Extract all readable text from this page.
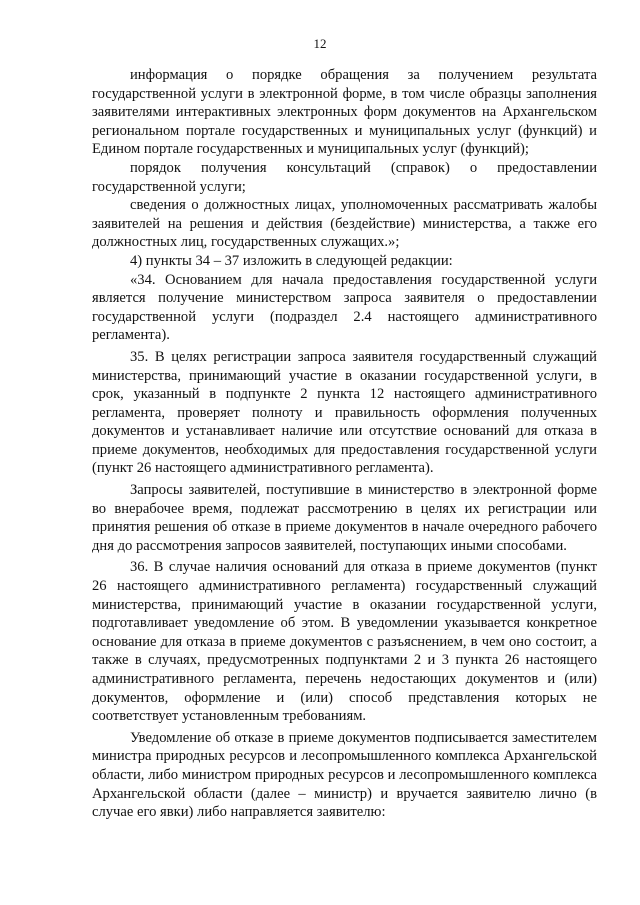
12

информация о порядке обращения за получением результата государственной услуги в электронной форме, в том числе образцы заполнения заявителями интерактивных электронных форм документов на Архангельском региональном портале государственных и муниципальных услуг (функций) и Едином портале государственных и муниципальных услуг (функций);

порядок получения консультаций (справок) о предоставлении государственной услуги;

сведения о должностных лицах, уполномоченных рассматривать жалобы заявителей на решения и действия (бездействие) министерства, а также его должностных лиц, государственных служащих.»;

4) пункты 34 – 37 изложить в следующей редакции:

«34. Основанием для начала предоставления государственной услуги является получение министерством запроса заявителя о предоставлении государственной услуги (подраздел 2.4 настоящего административного регламента).

35. В целях регистрации запроса заявителя государственный служащий министерства, принимающий участие в оказании государственной услуги, в срок, указанный в подпункте 2 пункта 12 настоящего административного регламента, проверяет полноту и правильность оформления полученных документов и устанавливает наличие или отсутствие оснований для отказа в приеме документов, необходимых для предоставления государственной услуги (пункт 26 настоящего административного регламента).

Запросы заявителей, поступившие в министерство в электронной форме во внерабочее время, подлежат рассмотрению в целях их регистрации или принятия решения об отказе в приеме документов в начале очередного рабочего дня до рассмотрения запросов заявителей, поступающих иными способами.

36. В случае наличия оснований для отказа в приеме документов (пункт 26 настоящего административного регламента) государственный служащий министерства, принимающий участие в оказании государственной услуги, подготавливает уведомление об этом. В уведомлении указывается конкретное основание для отказа в приеме документов с разъяснением, в чем оно состоит, а также в случаях, предусмотренных подпунктами 2 и 3 пункта 26 настоящего административного регламента, перечень недостающих документов и (или) документов, оформление и (или) способ представления которых не соответствует установленным требованиям.

Уведомление об отказе в приеме документов подписывается заместителем министра природных ресурсов и лесопромышленного комплекса Архангельской области, либо министром природных ресурсов и лесопромышленного комплекса Архангельской области (далее – министр) и вручается заявителю лично (в случае его явки) либо направляется заявителю:
